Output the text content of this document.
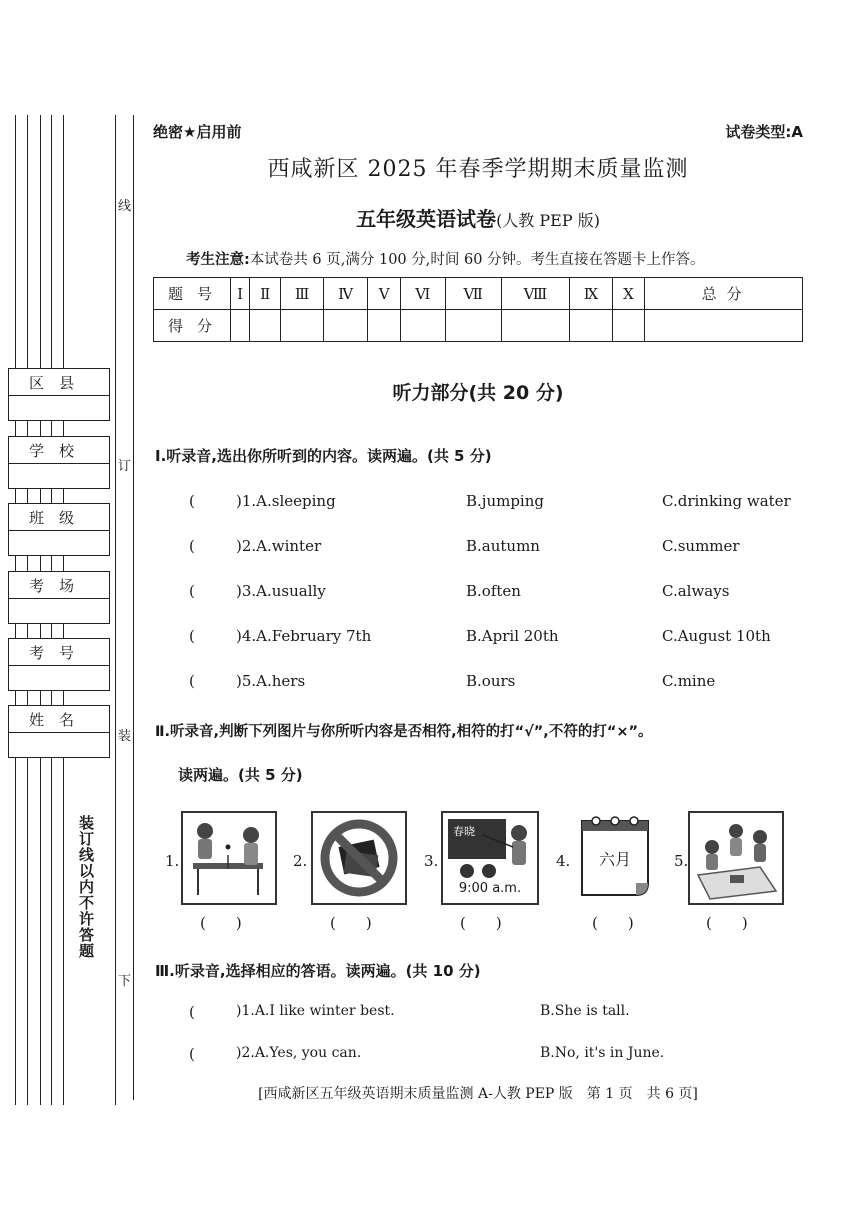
区　县
学　校
班　级
考　场
考　号
姓　名
装订线以内不许答题
线
订
装
下
绝密★启用前	试卷类型:A
西咸新区 2025 年春季学期期末质量监测
五年级英语试卷(人教 PEP 版)
考生注意:本试卷共 6 页,满分 100 分,时间 60 分钟。考生直接在答题卡上作答。
题号	Ⅰ	Ⅱ	Ⅲ	Ⅳ	Ⅴ	Ⅵ	Ⅶ	Ⅷ	Ⅸ	Ⅹ	总分
得分											
听力部分(共 20 分)
Ⅰ.听录音,选出你所听到的内容。读两遍。(共 5 分)
(	)1.A.sleeping	B.jumping	C.drinking water
(	)2.A.winter	B.autumn	C.summer
(	)3.A.usually	B.often	C.always
(	)4.A.February 7th	B.April 20th	C.August 10th
(	)5.A.hers	B.ours	C.mine
Ⅱ.听录音,判断下列图片与你所听内容是否相符,相符的打“√”,不符的打“×”。
读两遍。(共 5 分)
1.
(　　)
2.
(　　)
3.
春晓
9:00 a.m.
(　　)
4.	六月
(　　)
5.
(　　)
Ⅲ.听录音,选择相应的答语。读两遍。(共 10 分)
(	)1.A.I like winter best.	B.She is tall.
(	)2.A.Yes, you can.	B.No, it's in June.
[西咸新区五年级英语期末质量监测 A-人教 PEP 版　第 1 页　共 6 页]
